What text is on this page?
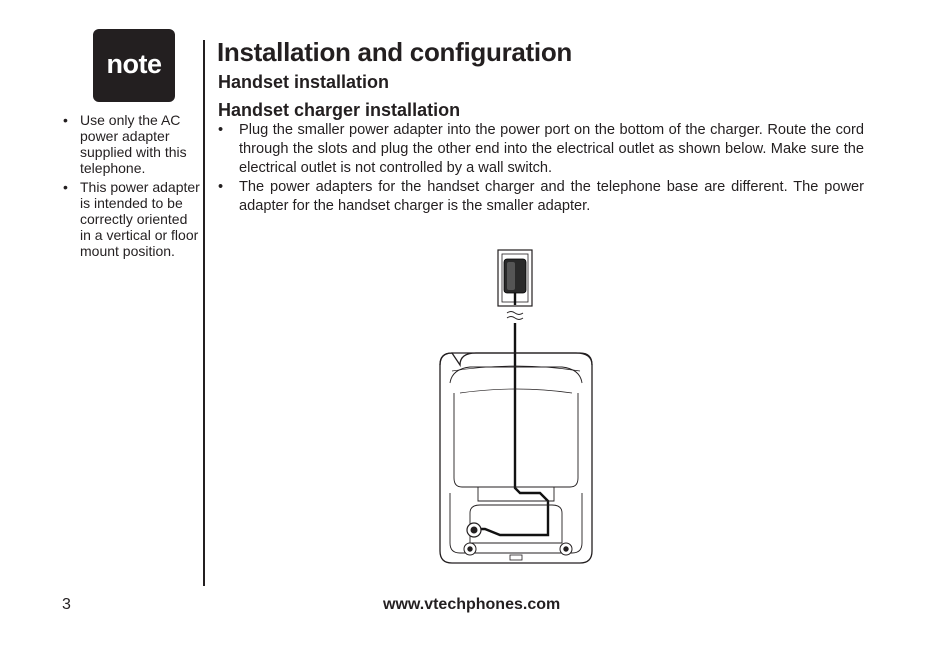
note
• Use only the AC power adapter supplied with this telephone.
• This power adapter is intended to be correctly oriented in a vertical or floor mount position.
Installation and configuration
Handset installation
Handset charger installation
• Plug the smaller power adapter into the power port on the bottom of the charger. Route the cord through the slots and plug the other end into the electrical outlet as shown below. Make sure the electrical outlet is not controlled by a wall switch.
• The power adapters for the handset charger and the telephone base are different. The power adapter for the handset charger is the smaller adapter.
3	www.vtechphones.com
